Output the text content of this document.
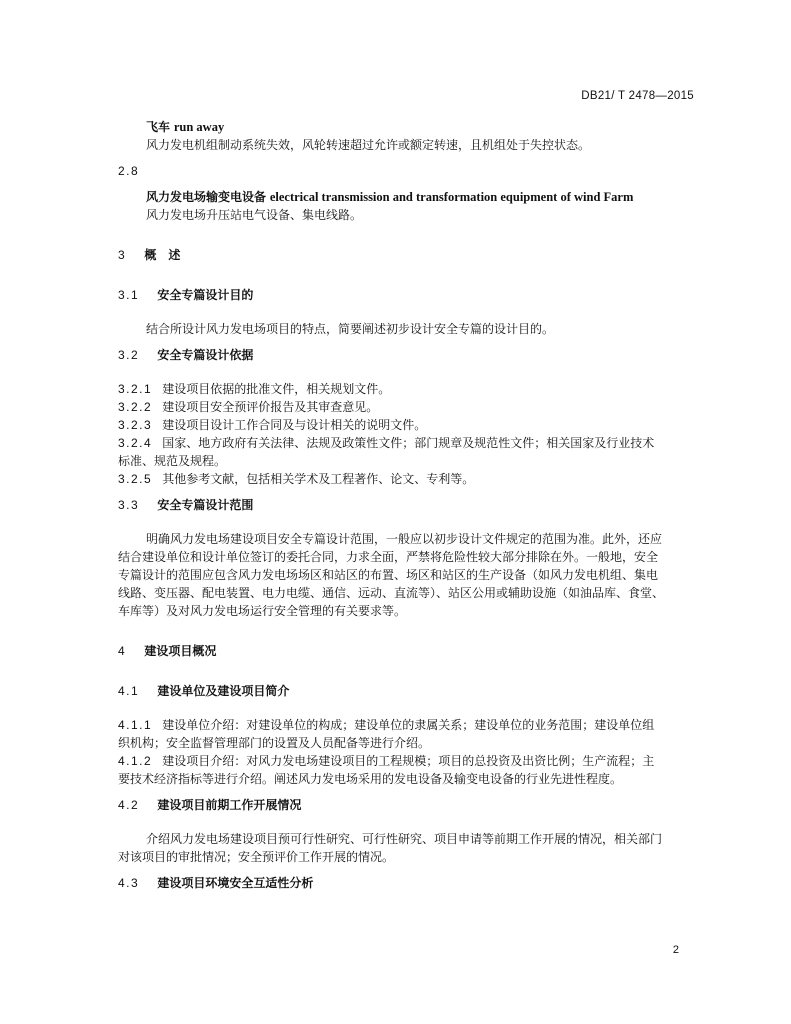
DB21/ T 2478—2015
飞车 run away
风力发电机组制动系统失效，风轮转速超过允许或额定转速，且机组处于失控状态。
2.8
风力发电场输变电设备 electrical transmission and transformation equipment of wind Farm
风力发电场升压站电气设备、集电线路。
3 概　述
3.1 安全专篇设计目的
结合所设计风力发电场项目的特点，简要阐述初步设计安全专篇的设计目的。
3.2 安全专篇设计依据
3.2.1 建设项目依据的批准文件，相关规划文件。
3.2.2 建设项目安全预评价报告及其审查意见。
3.2.3 建设项目设计工作合同及与设计相关的说明文件。
3.2.4 国家、地方政府有关法律、法规及政策性文件；部门规章及规范性文件；相关国家及行业技术
标准、规范及规程。
3.2.5 其他参考文献，包括相关学术及工程著作、论文、专利等。
3.3 安全专篇设计范围
明确风力发电场建设项目安全专篇设计范围，一般应以初步设计文件规定的范围为准。此外，还应
结合建设单位和设计单位签订的委托合同，力求全面，严禁将危险性较大部分排除在外。一般地，安全
专篇设计的范围应包含风力发电场场区和站区的布置、场区和站区的生产设备（如风力发电机组、集电
线路、变压器、配电装置、电力电缆、通信、远动、直流等）、站区公用或辅助设施（如油品库、食堂、
车库等）及对风力发电场运行安全管理的有关要求等。
4 建设项目概况
4.1 建设单位及建设项目简介
4.1.1 建设单位介绍：对建设单位的构成；建设单位的隶属关系；建设单位的业务范围；建设单位组
织机构；安全监督管理部门的设置及人员配备等进行介绍。
4.1.2 建设项目介绍：对风力发电场建设项目的工程规模；项目的总投资及出资比例；生产流程；主
要技术经济指标等进行介绍。阐述风力发电场采用的发电设备及输变电设备的行业先进性程度。
4.2 建设项目前期工作开展情况
介绍风力发电场建设项目预可行性研究、可行性研究、项目申请等前期工作开展的情况，相关部门
对该项目的审批情况；安全预评价工作开展的情况。
4.3 建设项目环境安全互适性分析
2
